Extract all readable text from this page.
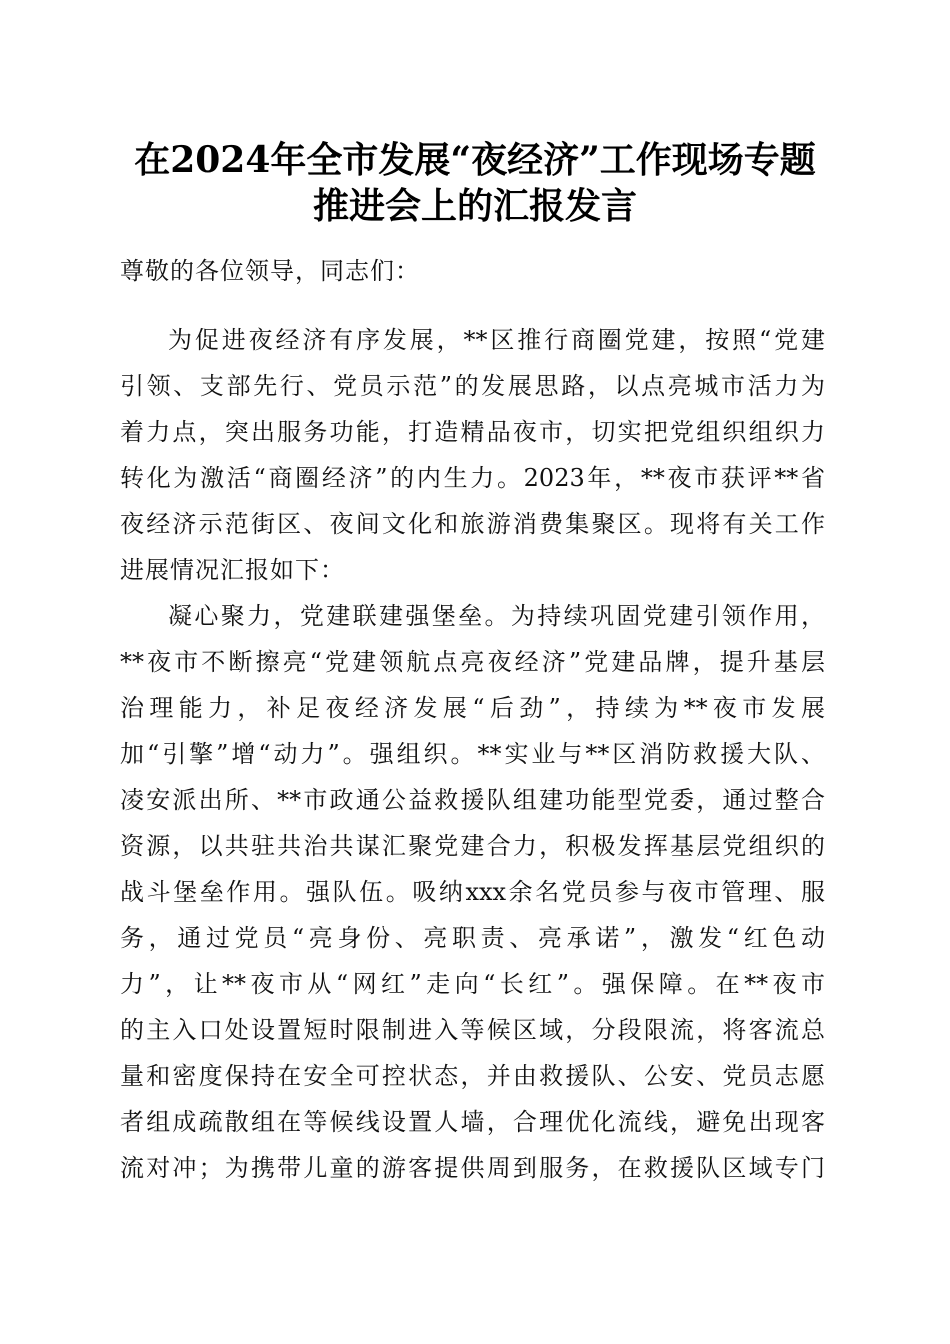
在2024年全市发展“夜经济”工作现场专题
推进会上的汇报发言
尊敬的各位领导，同志们：
为促进夜经济有序发展，**区推行商圈党建，按照“党建
引领、支部先行、党员示范”的发展思路，以点亮城市活力为
着力点，突出服务功能，打造精品夜市，切实把党组织组织力
转化为激活“商圈经济”的内生力。2023年，**夜市获评**省
夜经济示范街区、夜间文化和旅游消费集聚区。现将有关工作
进展情况汇报如下：
凝心聚力，党建联建强堡垒。为持续巩固党建引领作用，
**夜市不断擦亮“党建领航点亮夜经济”党建品牌，提升基层
治理能力，补足夜经济发展“后劲”，持续为**夜市发展
加“引擎”增“动力”。强组织。**实业与**区消防救援大队、
凌安派出所、**市政通公益救援队组建功能型党委，通过整合
资源，以共驻共治共谋汇聚党建合力，积极发挥基层党组织的
战斗堡垒作用。强队伍。吸纳xxx余名党员参与夜市管理、服
务，通过党员“亮身份、亮职责、亮承诺”，激发“红色动
力”，让**夜市从“网红”走向“长红”。强保障。在**夜市
的主入口处设置短时限制进入等候区域，分段限流，将客流总
量和密度保持在安全可控状态，并由救援队、公安、党员志愿
者组成疏散组在等候线设置人墙，合理优化流线，避免出现客
流对冲；为携带儿童的游客提供周到服务，在救援队区域专门
